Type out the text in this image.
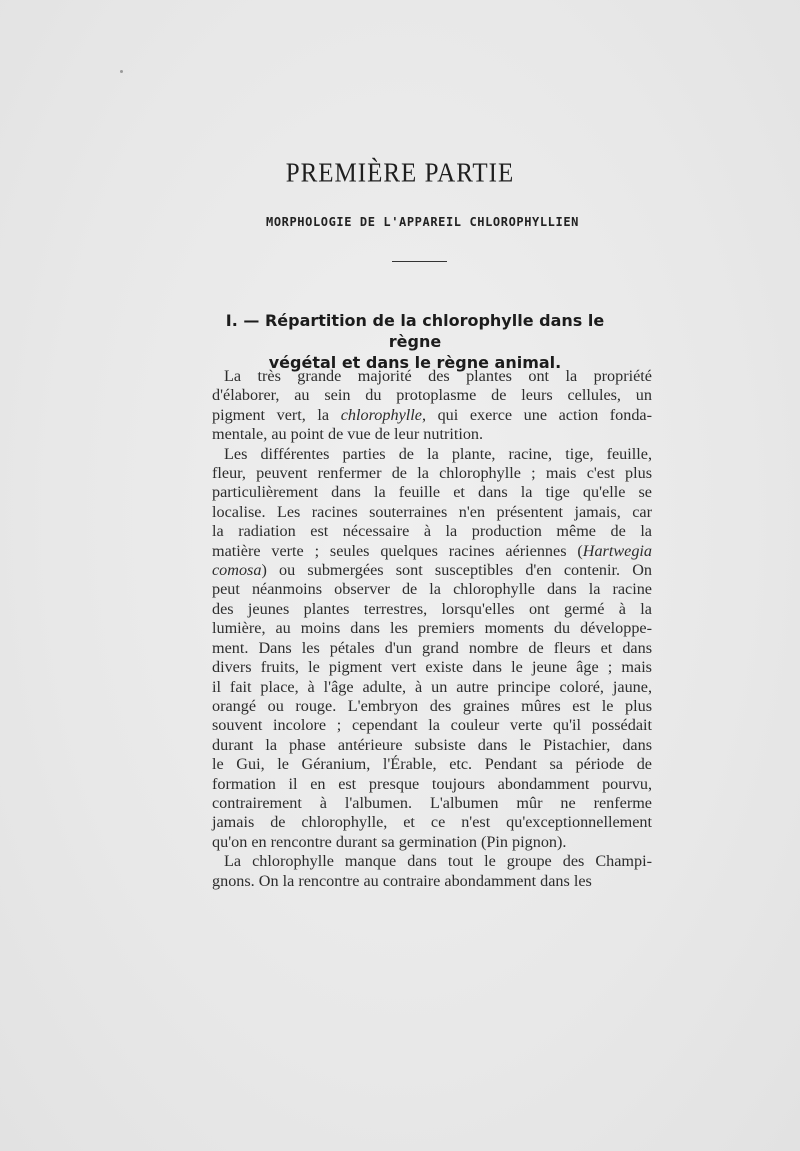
PREMIÈRE PARTIE
MORPHOLOGIE DE L'APPAREIL CHLOROPHYLLIEN
I. — Répartition de la chlorophylle dans le règne
végétal et dans le règne animal.

La très grande majorité des plantes ont la propriété
d'élaborer, au sein du protoplasme de leurs cellules, un
pigment vert, la chlorophylle, qui exerce une action fonda-
mentale, au point de vue de leur nutrition.

Les différentes parties de la plante, racine, tige, feuille,
fleur, peuvent renfermer de la chlorophylle ; mais c'est plus
particulièrement dans la feuille et dans la tige qu'elle se
localise. Les racines souterraines n'en présentent jamais, car
la radiation est nécessaire à la production même de la
matière verte ; seules quelques racines aériennes (Hartwegia
comosa) ou submergées sont susceptibles d'en contenir. On
peut néanmoins observer de la chlorophylle dans la racine
des jeunes plantes terrestres, lorsqu'elles ont germé à la
lumière, au moins dans les premiers moments du développe-
ment. Dans les pétales d'un grand nombre de fleurs et dans
divers fruits, le pigment vert existe dans le jeune âge ; mais
il fait place, à l'âge adulte, à un autre principe coloré, jaune,
orangé ou rouge. L'embryon des graines mûres est le plus
souvent incolore ; cependant la couleur verte qu'il possédait
durant la phase antérieure subsiste dans le Pistachier, dans
le Gui, le Géranium, l'Érable, etc. Pendant sa période de
formation il en est presque toujours abondamment pourvu,
contrairement à l'albumen. L'albumen mûr ne renferme
jamais de chlorophylle, et ce n'est qu'exceptionnellement
qu'on en rencontre durant sa germination (Pin pignon).

La chlorophylle manque dans tout le groupe des Champi-
gnons. On la rencontre au contraire abondamment dans les
